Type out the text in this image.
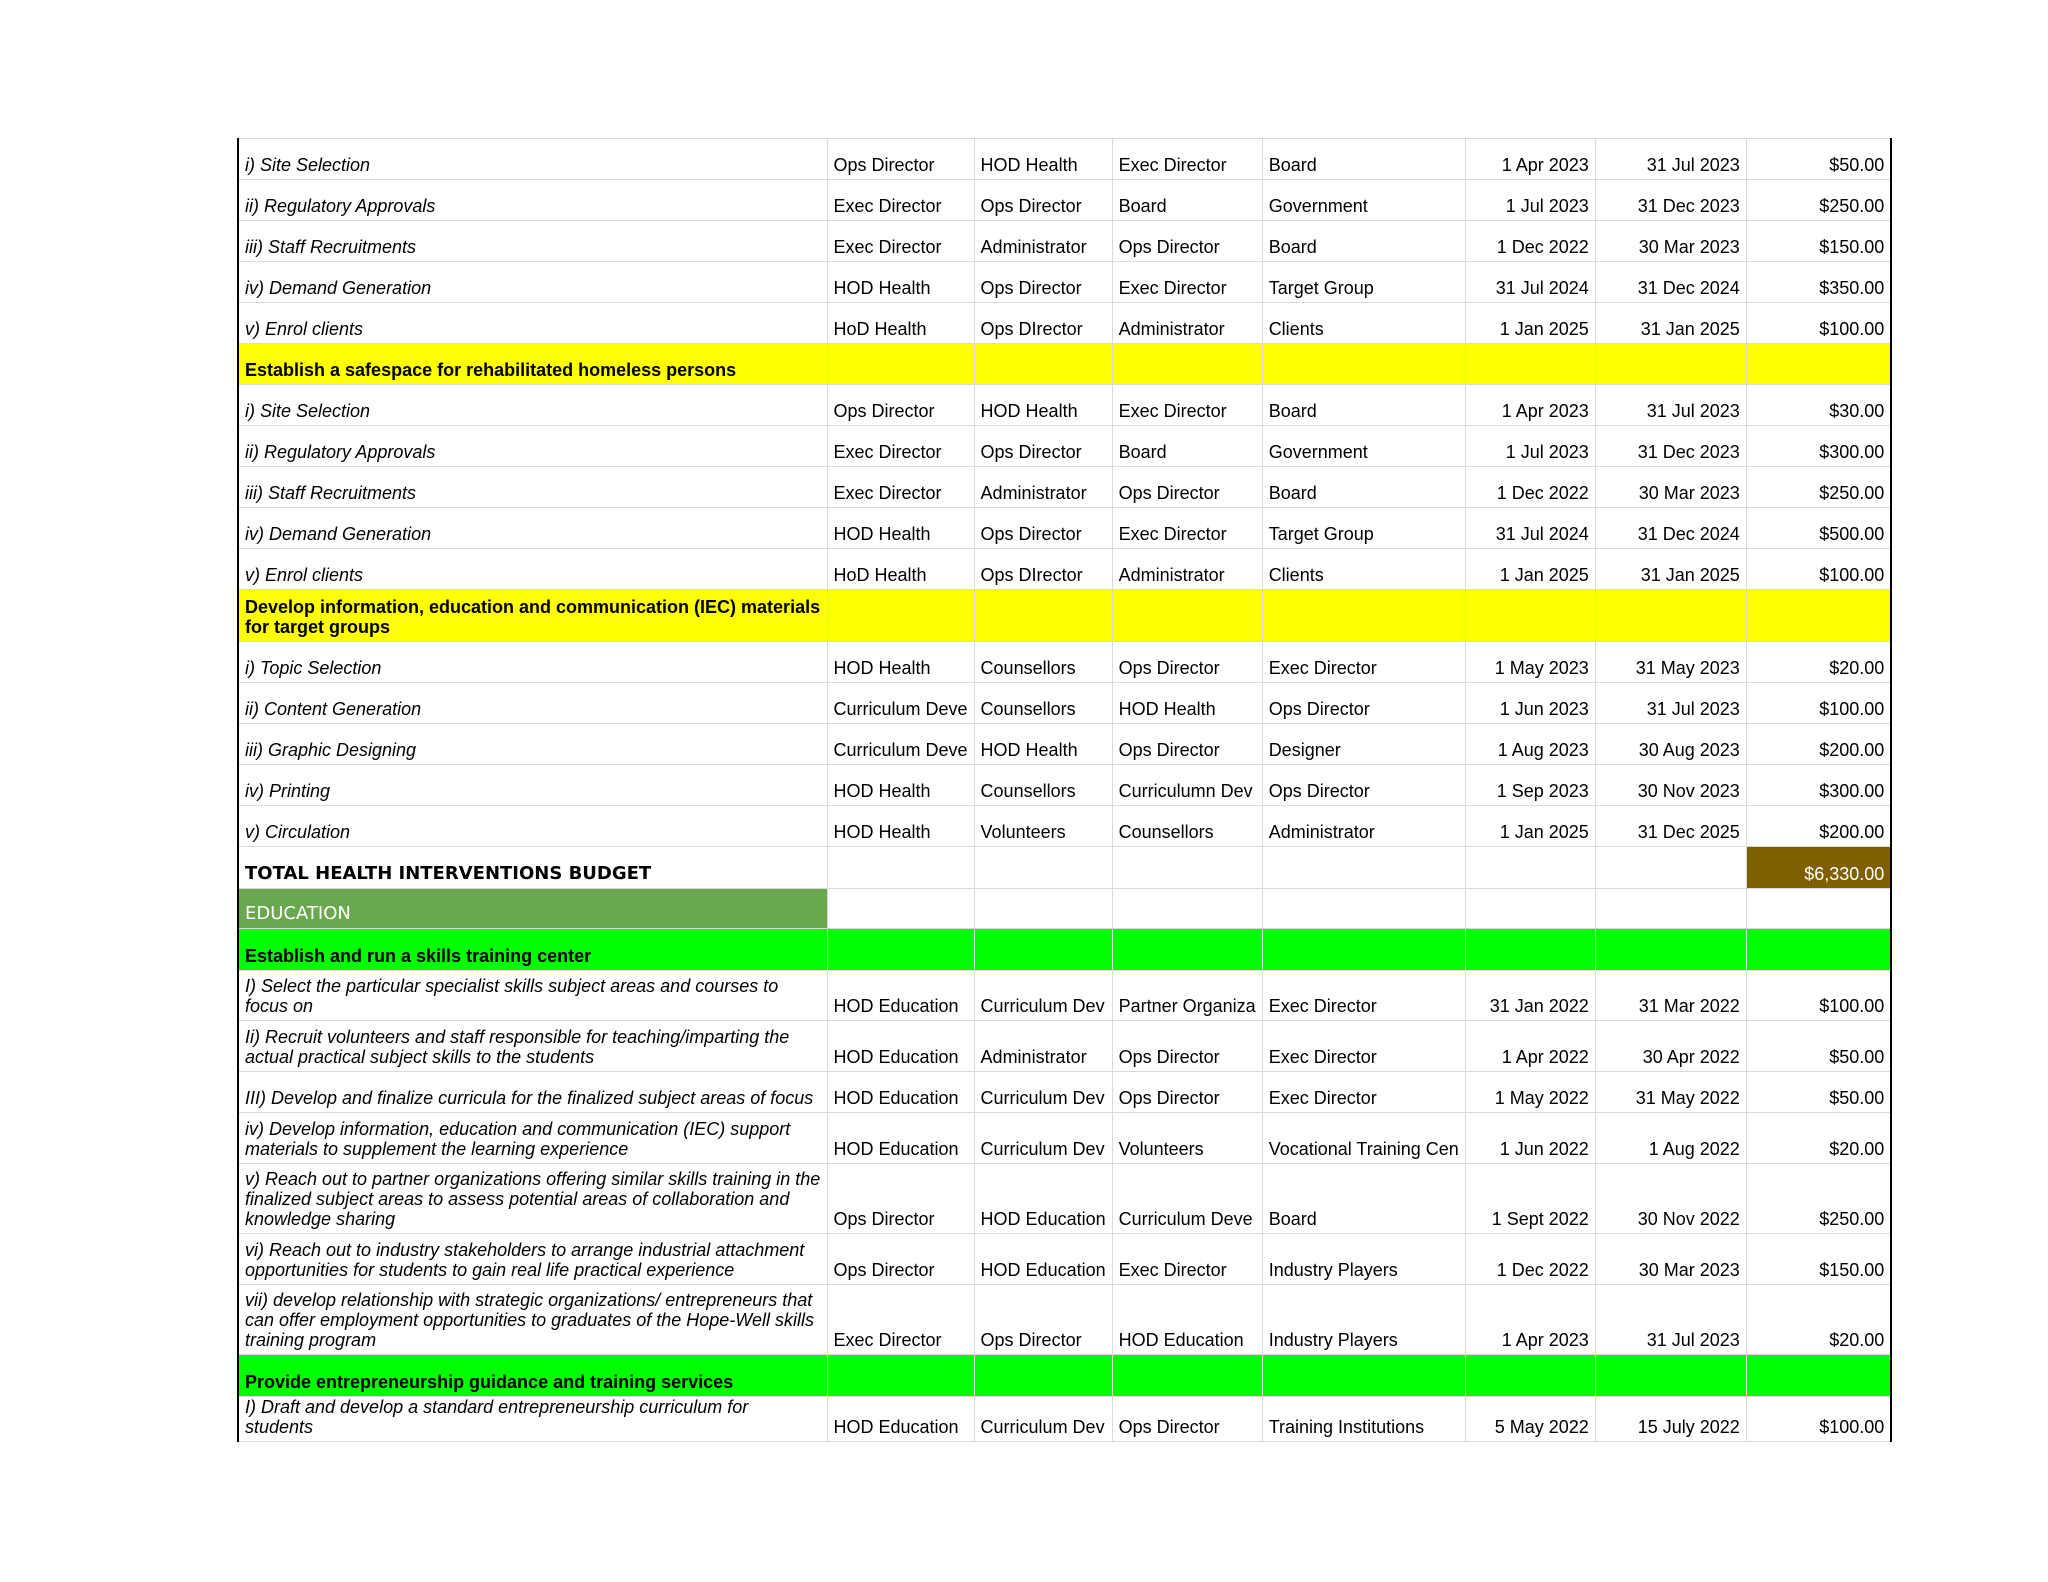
i) Site Selection	Ops Director	HOD Health	Exec Director	Board	1 Apr 2023	31 Jul 2023	$50.00
ii) Regulatory Approvals	Exec Director	Ops Director	Board	Government	1 Jul 2023	31 Dec 2023	$250.00
iii) Staff Recruitments	Exec Director	Administrator	Ops Director	Board	1 Dec 2022	30 Mar 2023	$150.00
iv) Demand Generation	HOD Health	Ops Director	Exec Director	Target Group	31 Jul 2024	31 Dec 2024	$350.00
v) Enrol clients	HoD Health	Ops DIrector	Administrator	Clients	1 Jan 2025	31 Jan 2025	$100.00
Establish a safespace for rehabilitated homeless persons							
i) Site Selection	Ops Director	HOD Health	Exec Director	Board	1 Apr 2023	31 Jul 2023	$30.00
ii) Regulatory Approvals	Exec Director	Ops Director	Board	Government	1 Jul 2023	31 Dec 2023	$300.00
iii) Staff Recruitments	Exec Director	Administrator	Ops Director	Board	1 Dec 2022	30 Mar 2023	$250.00
iv) Demand Generation	HOD Health	Ops Director	Exec Director	Target Group	31 Jul 2024	31 Dec 2024	$500.00
v) Enrol clients	HoD Health	Ops DIrector	Administrator	Clients	1 Jan 2025	31 Jan 2025	$100.00
Develop information, education and communication (IEC) materials for target groups							
i) Topic Selection	HOD Health	Counsellors	Ops Director	Exec Director	1 May 2023	31 May 2023	$20.00
ii) Content Generation	Curriculum Deve	Counsellors	HOD Health	Ops Director	1 Jun 2023	31 Jul 2023	$100.00
iii) Graphic Designing	Curriculum Deve	HOD Health	Ops Director	Designer	1 Aug 2023	30 Aug 2023	$200.00
iv) Printing	HOD Health	Counsellors	Curriculumn Dev	Ops Director	1 Sep 2023	30 Nov 2023	$300.00
v) Circulation	HOD Health	Volunteers	Counsellors	Administrator	1 Jan 2025	31 Dec 2025	$200.00
TOTAL HEALTH INTERVENTIONS BUDGET							$6,330.00
EDUCATION							
Establish and run a skills training center							
I) Select the particular specialist skills subject areas and courses to focus on	HOD Education	Curriculum Dev	Partner Organiza	Exec Director	31 Jan 2022	31 Mar 2022	$100.00
Ii) Recruit volunteers and staff responsible for teaching/imparting the actual practical subject skills to the students	HOD Education	Administrator	Ops Director	Exec Director	1 Apr 2022	30 Apr 2022	$50.00
III) Develop and finalize curricula for the finalized subject areas of focus	HOD Education	Curriculum Dev	Ops Director	Exec Director	1 May 2022	31 May 2022	$50.00
iv) Develop information, education and communication (IEC) support materials to supplement the learning experience	HOD Education	Curriculum Dev	Volunteers	Vocational Training Cen	1 Jun 2022	1 Aug 2022	$20.00
v) Reach out to partner organizations offering similar skills training in the finalized subject areas to assess potential areas of collaboration and knowledge sharing	Ops Director	HOD Education	Curriculum Deve	Board	1 Sept 2022	30 Nov 2022	$250.00
vi) Reach out to industry stakeholders to arrange industrial attachment opportunities for students to gain real life practical experience	Ops Director	HOD Education	Exec Director	Industry Players	1 Dec 2022	30 Mar 2023	$150.00
vii) develop relationship with strategic organizations/ entrepreneurs that can offer employment opportunities to graduates of the Hope-Well skills training program	Exec Director	Ops Director	HOD Education	Industry Players	1 Apr 2023	31 Jul 2023	$20.00
Provide entrepreneurship guidance and training services							
I) Draft and develop a standard entrepreneurship curriculum for students	HOD Education	Curriculum Dev	Ops Director	Training Institutions	5 May 2022	15 July 2022	$100.00
